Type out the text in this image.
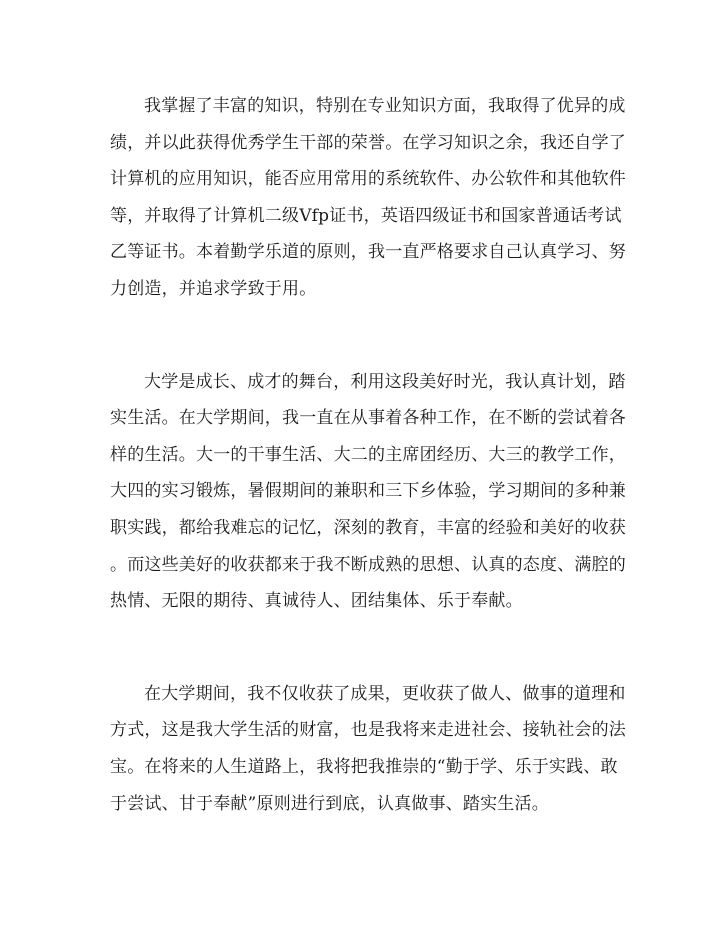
我掌握了丰富的知识，特别在专业知识方面，我取得了优异的成
绩，并以此获得优秀学生干部的荣誉。在学习知识之余，我还自学了
计算机的应用知识，能否应用常用的系统软件、办公软件和其他软件
等，并取得了计算机二级Vfp证书，英语四级证书和国家普通话考试
乙等证书。本着勤学乐道的原则，我一直严格要求自己认真学习、努
力创造，并追求学致于用。
大学是成长、成才的舞台，利用这段美好时光，我认真计划，踏
实生活。在大学期间，我一直在从事着各种工作，在不断的尝试着各
样的生活。大一的干事生活、大二的主席团经历、大三的教学工作，
大四的实习锻炼，暑假期间的兼职和三下乡体验，学习期间的多种兼
职实践，都给我难忘的记忆，深刻的教育，丰富的经验和美好的收获
。而这些美好的收获都来于我不断成熟的思想、认真的态度、满腔的
热情、无限的期待、真诚待人、团结集体、乐于奉献。
在大学期间，我不仅收获了成果，更收获了做人、做事的道理和
方式，这是我大学生活的财富，也是我将来走进社会、接轨社会的法
宝。在将来的人生道路上，我将把我推崇的“勤于学、乐于实践、敢
于尝试、甘于奉献”原则进行到底，认真做事、踏实生活。
